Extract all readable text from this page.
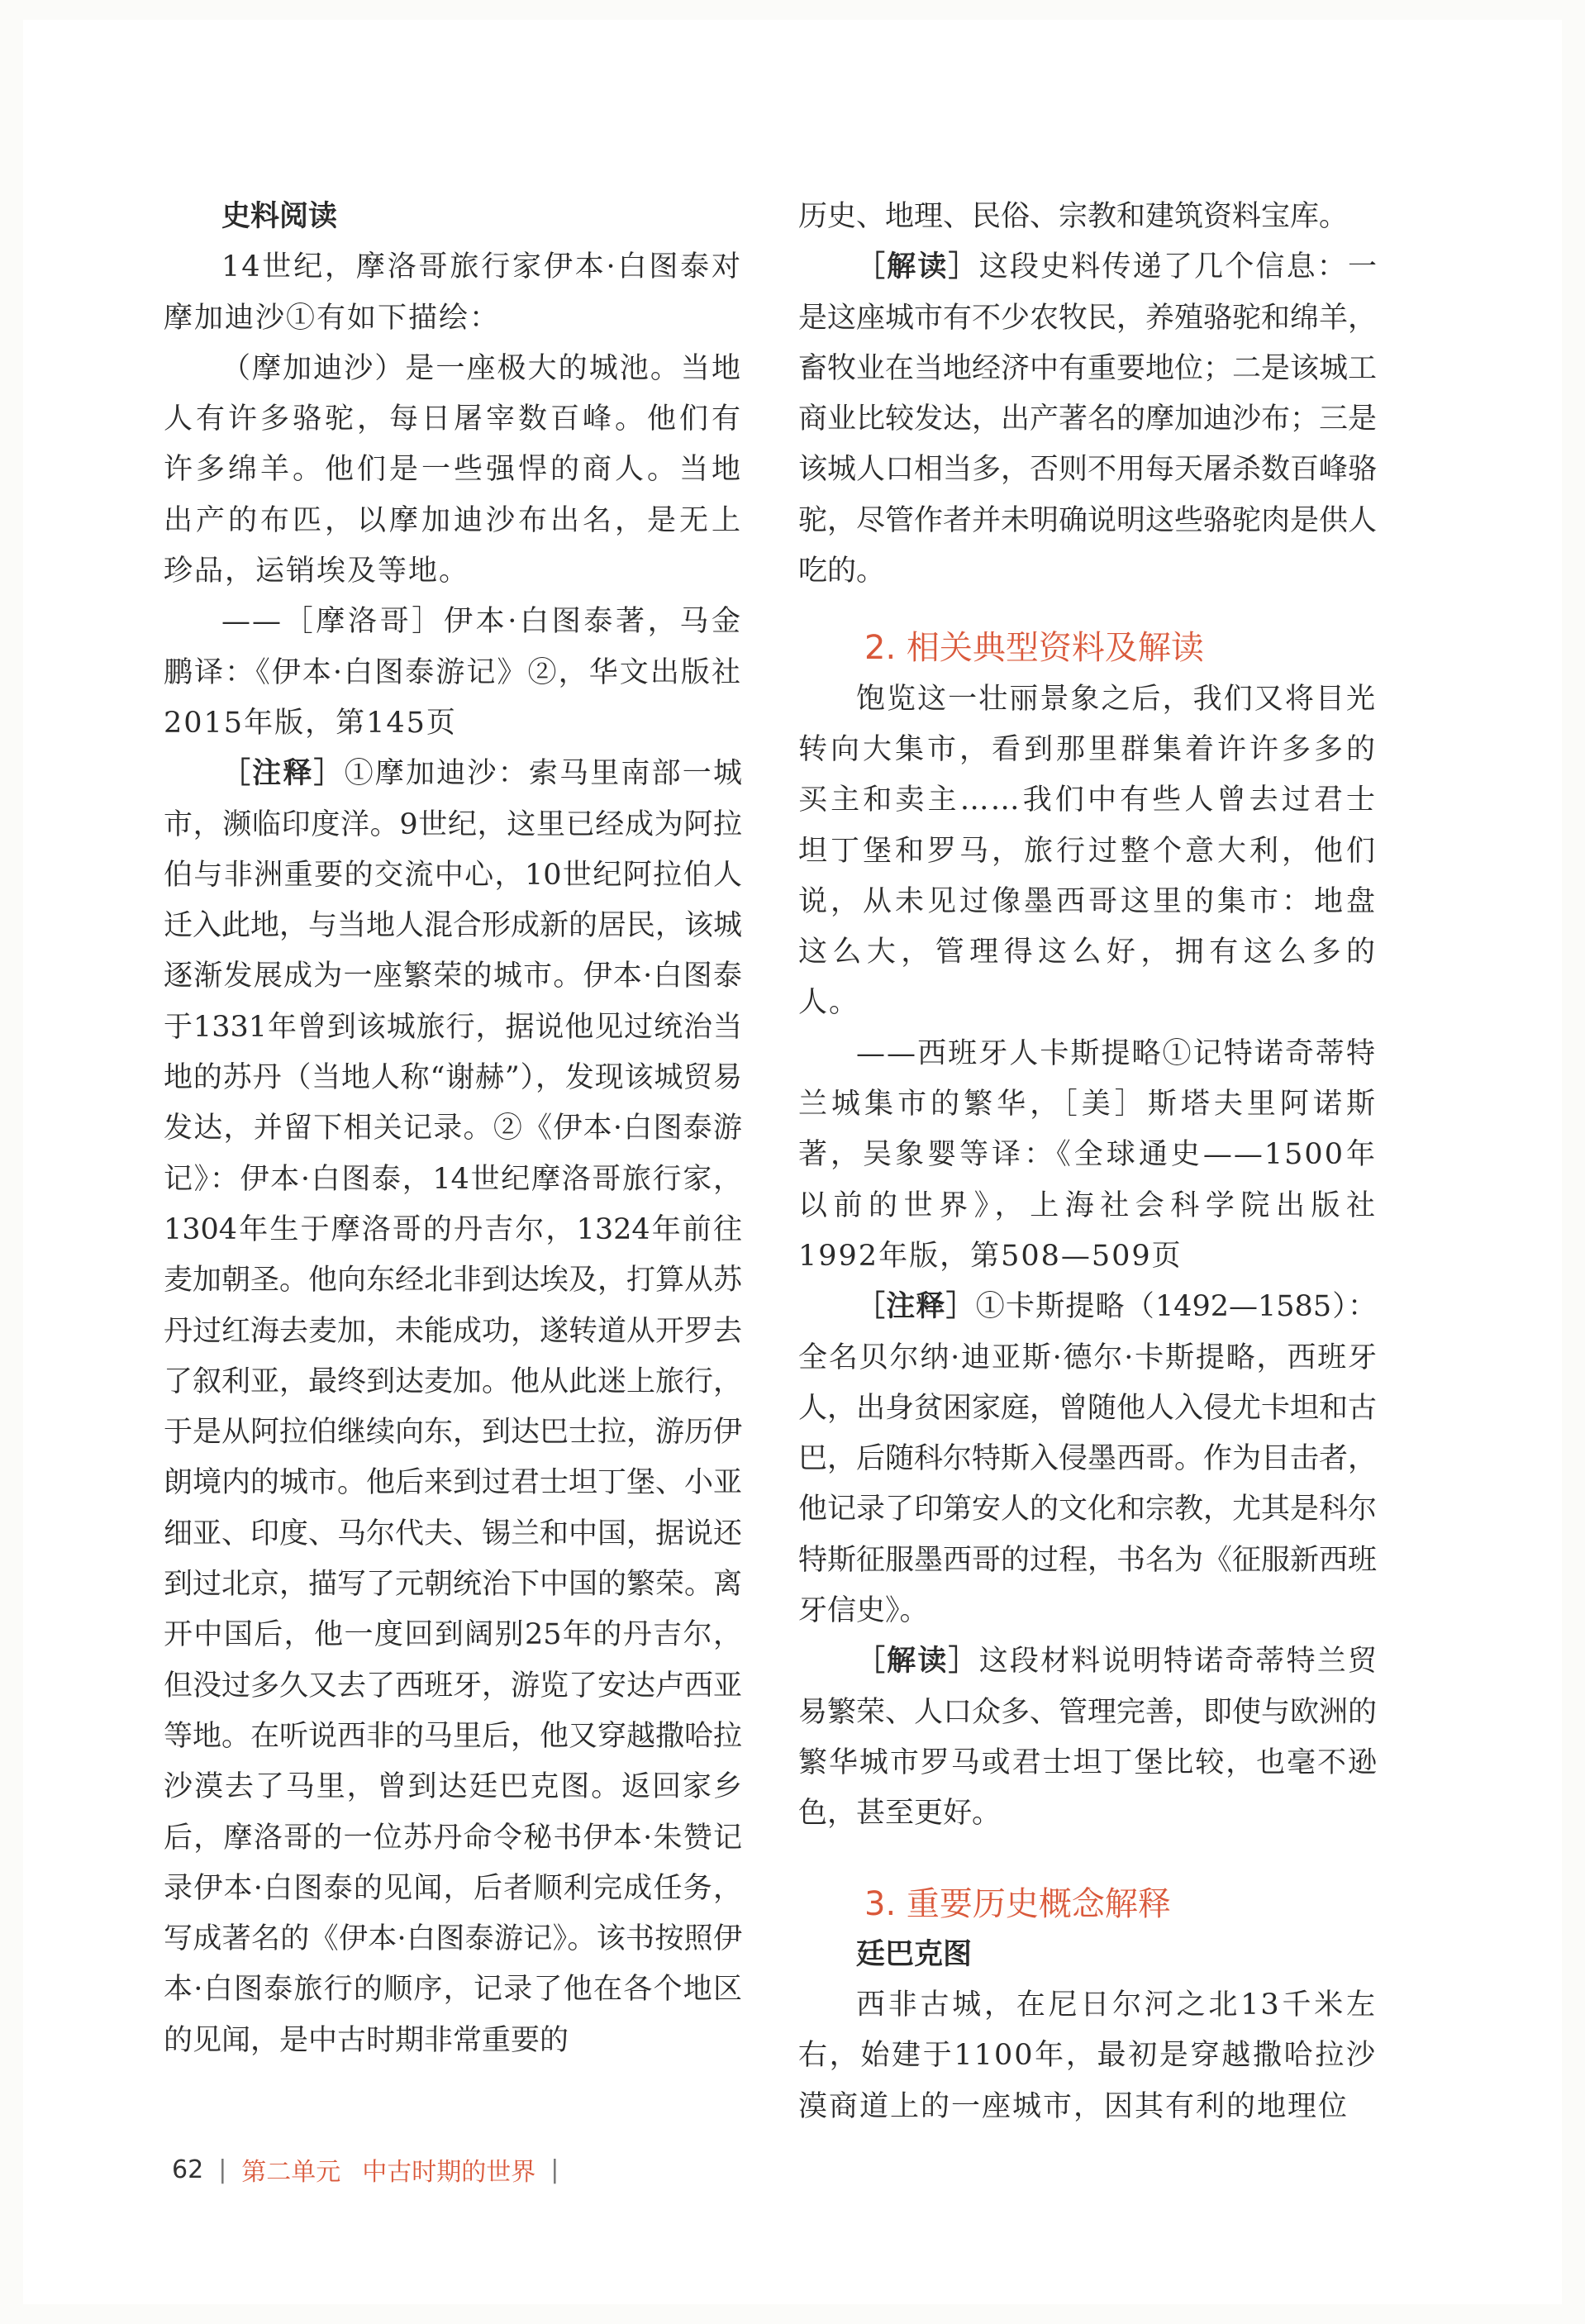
史料阅读

14世纪，摩洛哥旅行家伊本·白图泰对摩加迪沙①有如下描绘：

（摩加迪沙）是一座极大的城池。当地人有许多骆驼，每日屠宰数百峰。他们有许多绵羊。他们是一些强悍的商人。当地出产的布匹，以摩加迪沙布出名，是无上珍品，运销埃及等地。

——［摩洛哥］伊本·白图泰著，马金鹏译：《伊本·白图泰游记》②，华文出版社2015年版，第145页

［注释］①摩加迪沙：索马里南部一城市，濒临印度洋。9世纪，这里已经成为阿拉伯与非洲重要的交流中心，10世纪阿拉伯人迁入此地，与当地人混合形成新的居民，该城逐渐发展成为一座繁荣的城市。伊本·白图泰于1331年曾到该城旅行，据说他见过统治当地的苏丹（当地人称“谢赫”），发现该城贸易发达，并留下相关记录。②《伊本·白图泰游记》：伊本·白图泰，14世纪摩洛哥旅行家，1304年生于摩洛哥的丹吉尔，1324年前往麦加朝圣。他向东经北非到达埃及，打算从苏丹过红海去麦加，未能成功，遂转道从开罗去了叙利亚，最终到达麦加。他从此迷上旅行，于是从阿拉伯继续向东，到达巴士拉，游历伊朗境内的城市。他后来到过君士坦丁堡、小亚细亚、印度、马尔代夫、锡兰和中国，据说还到过北京，描写了元朝统治下中国的繁荣。离开中国后，他一度回到阔别25年的丹吉尔，但没过多久又去了西班牙，游览了安达卢西亚等地。在听说西非的马里后，他又穿越撒哈拉沙漠去了马里，曾到达廷巴克图。返回家乡后，摩洛哥的一位苏丹命令秘书伊本·朱赞记录伊本·白图泰的见闻，后者顺利完成任务，写成著名的《伊本·白图泰游记》。该书按照伊本·白图泰旅行的顺序，记录了他在各个地区的见闻，是中古时期非常重要的

历史、地理、民俗、宗教和建筑资料宝库。

［解读］这段史料传递了几个信息：一是这座城市有不少农牧民，养殖骆驼和绵羊，畜牧业在当地经济中有重要地位；二是该城工商业比较发达，出产著名的摩加迪沙布；三是该城人口相当多，否则不用每天屠杀数百峰骆驼，尽管作者并未明确说明这些骆驼肉是供人吃的。

2. 相关典型资料及解读

饱览这一壮丽景象之后，我们又将目光转向大集市，看到那里群集着许许多多的买主和卖主……我们中有些人曾去过君士坦丁堡和罗马，旅行过整个意大利，他们说，从未见过像墨西哥这里的集市：地盘这么大，管理得这么好，拥有这么多的人。

——西班牙人卡斯提略①记特诺奇蒂特兰城集市的繁华，［美］斯塔夫里阿诺斯著，吴象婴等译：《全球通史——1500年以前的世界》，上海社会科学院出版社1992年版，第508—509页

［注释］①卡斯提略（1492—1585）：全名贝尔纳·迪亚斯·德尔·卡斯提略，西班牙人，出身贫困家庭，曾随他人入侵尤卡坦和古巴，后随科尔特斯入侵墨西哥。作为目击者，他记录了印第安人的文化和宗教，尤其是科尔特斯征服墨西哥的过程，书名为《征服新西班牙信史》。

［解读］这段材料说明特诺奇蒂特兰贸易繁荣、人口众多、管理完善，即使与欧洲的繁华城市罗马或君士坦丁堡比较，也毫不逊色，甚至更好。

3. 重要历史概念解释

廷巴克图

西非古城，在尼日尔河之北13千米左右，始建于1100年，最初是穿越撒哈拉沙漠商道上的一座城市，因其有利的地理位

62 | 第二单元 中古时期的世界 |
